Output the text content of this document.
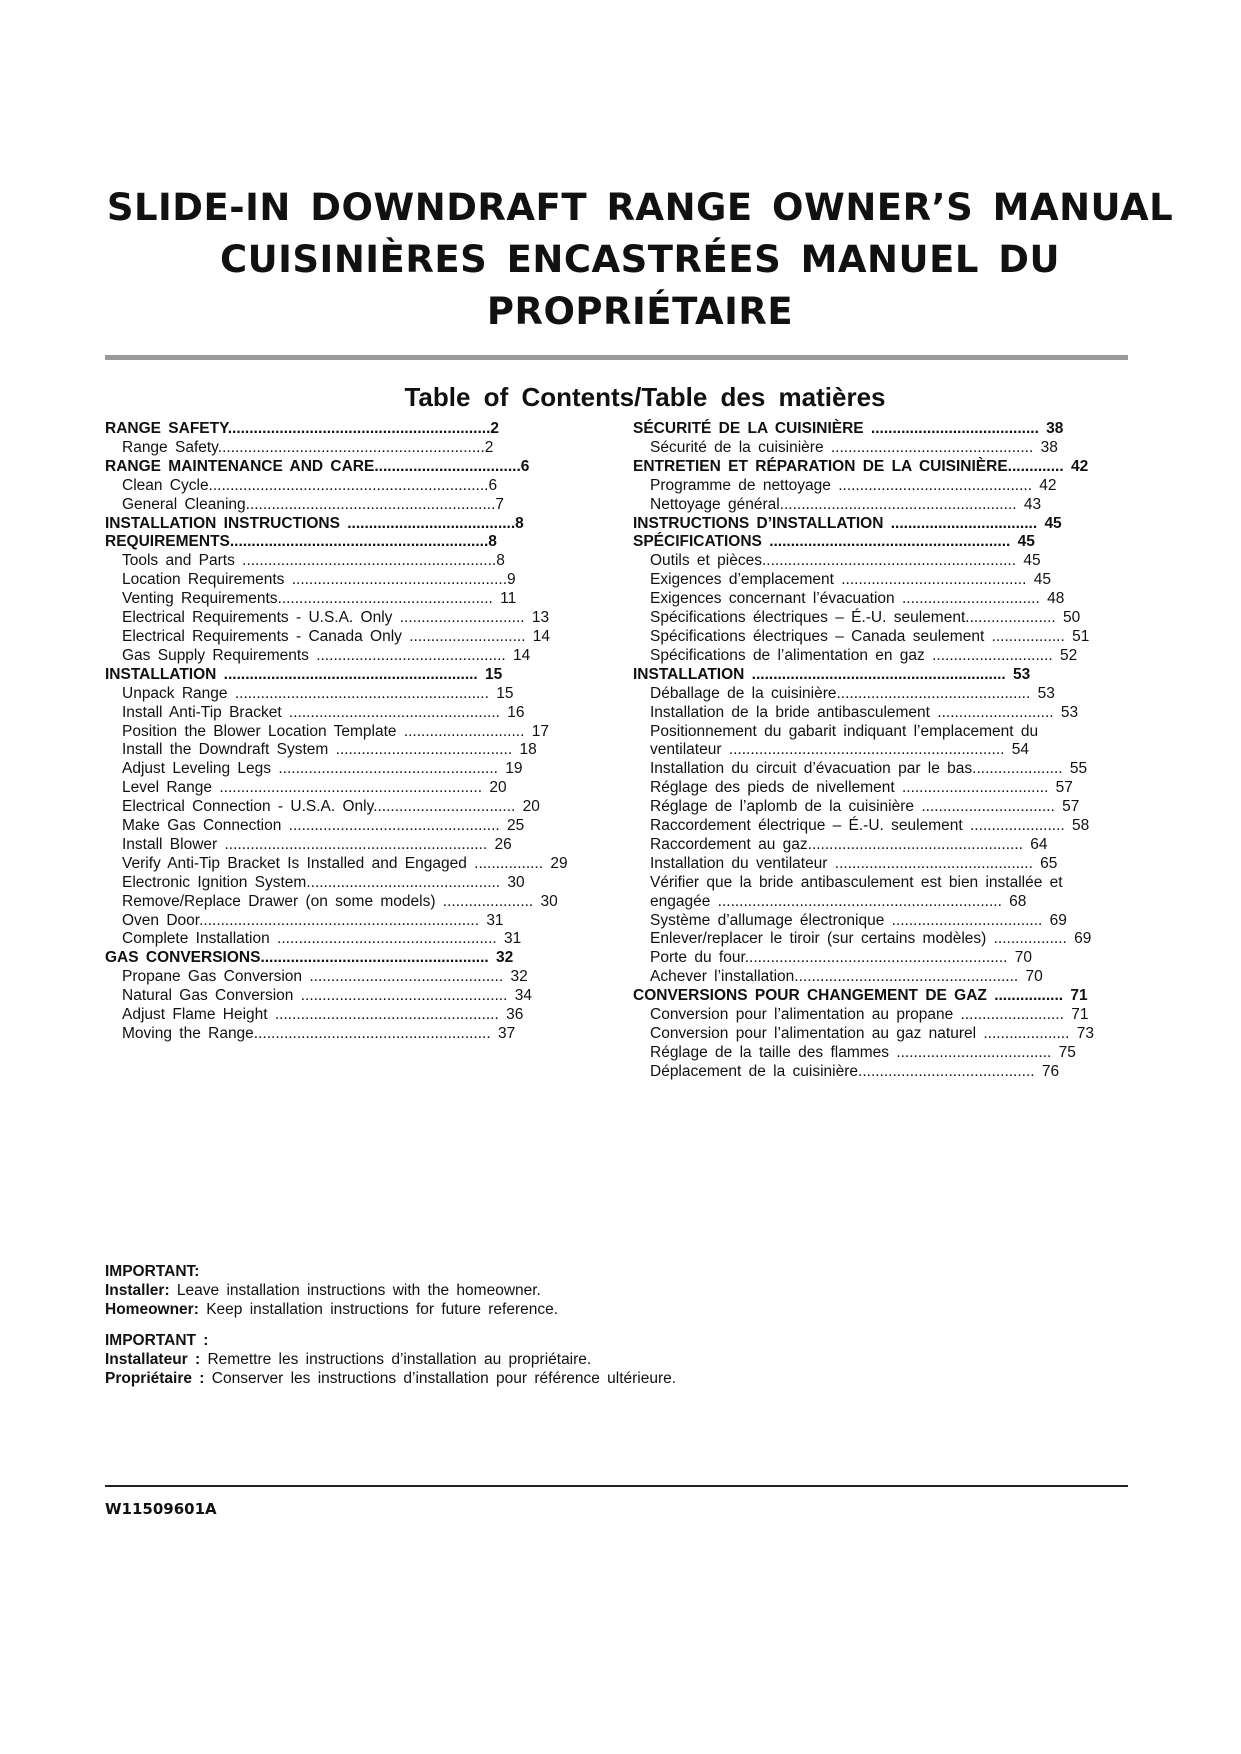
SLIDE-IN DOWNDRAFT RANGE OWNER’S MANUAL
CUISINIÈRES ENCASTRÉES MANUEL DU
PROPRIÉTAIRE
Table of Contents/Table des matières
RANGE SAFETY.............................................................2
Range Safety..............................................................2
RANGE MAINTENANCE AND CARE..................................6
Clean Cycle.................................................................6
General Cleaning..........................................................7
INSTALLATION INSTRUCTIONS .......................................8
REQUIREMENTS............................................................8
Tools and Parts ...........................................................8
Location Requirements ..................................................9
Venting Requirements.................................................. 11
Electrical Requirements - U.S.A. Only ............................. 13
Electrical Requirements - Canada Only ........................... 14
Gas Supply Requirements ............................................ 14
INSTALLATION ........................................................... 15
Unpack Range ........................................................... 15
Install Anti-Tip Bracket ................................................. 16
Position the Blower Location Template ............................ 17
Install the Downdraft System ......................................... 18
Adjust Leveling Legs ................................................... 19
Level Range ............................................................. 20
Electrical Connection - U.S.A. Only................................. 20
Make Gas Connection ................................................. 25
Install Blower ............................................................. 26
Verify Anti-Tip Bracket Is Installed and Engaged ................ 29
Electronic Ignition System............................................. 30
Remove/Replace Drawer (on some models) ..................... 30
Oven Door................................................................. 31
Complete Installation ................................................... 31
GAS CONVERSIONS..................................................... 32
Propane Gas Conversion ............................................. 32
Natural Gas Conversion ................................................ 34
Adjust Flame Height .................................................... 36
Moving the Range....................................................... 37
SÉCURITÉ DE LA CUISINIÈRE ....................................... 38
Sécurité de la cuisinière ............................................... 38
ENTRETIEN ET RÉPARATION DE LA CUISINIÈRE............. 42
Programme de nettoyage ............................................. 42
Nettoyage général....................................................... 43
INSTRUCTIONS D’INSTALLATION .................................. 45
SPÉCIFICATIONS ........................................................ 45
Outils et pièces........................................................... 45
Exigences d’emplacement ........................................... 45
Exigences concernant l’évacuation ................................ 48
Spécifications électriques – É.-U. seulement..................... 50
Spécifications électriques – Canada seulement ................. 51
Spécifications de l’alimentation en gaz ............................ 52
INSTALLATION ........................................................... 53
Déballage de la cuisinière............................................. 53
Installation de la bride antibasculement ........................... 53
Positionnement du gabarit indiquant l’emplacement du
ventilateur ................................................................ 54
Installation du circuit d’évacuation par le bas..................... 55
Réglage des pieds de nivellement .................................. 57
Réglage de l’aplomb de la cuisinière ............................... 57
Raccordement électrique – É.-U. seulement ...................... 58
Raccordement au gaz.................................................. 64
Installation du ventilateur .............................................. 65
Vérifier que la bride antibasculement est bien installée et
engagée .................................................................. 68
Système d’allumage électronique ................................... 69
Enlever/replacer le tiroir (sur certains modèles) ................. 69
Porte du four............................................................. 70
Achever l’installation.................................................... 70
CONVERSIONS POUR CHANGEMENT DE GAZ ................ 71
Conversion pour l’alimentation au propane ........................ 71
Conversion pour l’alimentation au gaz naturel .................... 73
Réglage de la taille des flammes .................................... 75
Déplacement de la cuisinière......................................... 76
IMPORTANT:
Installer: Leave installation instructions with the homeowner.
Homeowner: Keep installation instructions for future reference.
IMPORTANT :
Installateur : Remettre les instructions d’installation au propriétaire.
Propriétaire : Conserver les instructions d’installation pour référence ultérieure.
W11509601A
